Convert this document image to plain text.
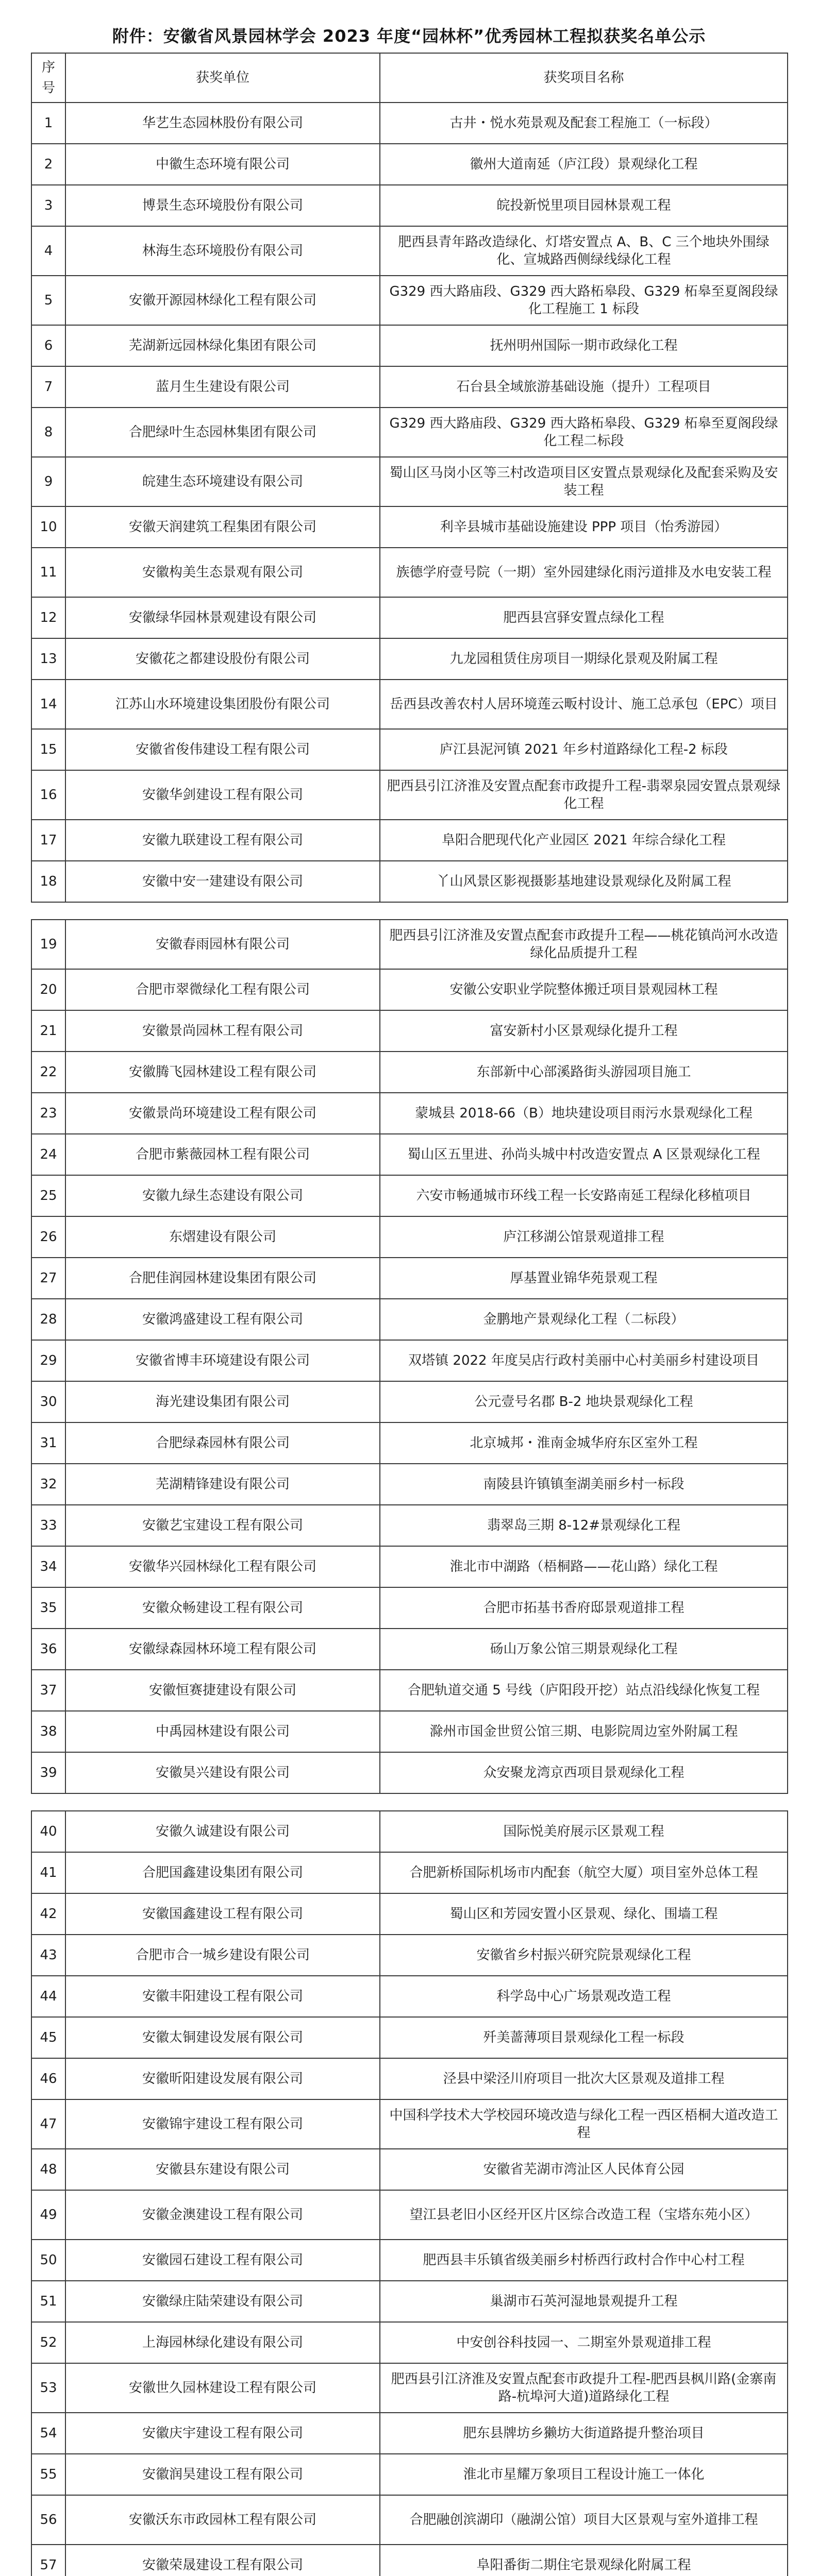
附件：安徽省风景园林学会 2023 年度“园林杯”优秀园林工程拟获奖名单公示
序号	获奖单位	获奖项目名称
1	华艺生态园林股份有限公司	古井・悦水苑景观及配套工程施工（一标段）
2	中徽生态环境有限公司	徽州大道南延（庐江段）景观绿化工程
3	博景生态环境股份有限公司	皖投新悦里项目园林景观工程
4	林海生态环境股份有限公司	肥西县青年路改造绿化、灯塔安置点 A、B、C 三个地块外围绿化、宣城路西侧绿线绿化工程
5	安徽开源园林绿化工程有限公司	G329 西大路庙段、G329 西大路柘皋段、G329 柘皋至夏阁段绿化工程施工 1 标段
6	芜湖新远园林绿化集团有限公司	抚州明州国际一期市政绿化工程
7	蓝月生生建设有限公司	石台县全域旅游基础设施（提升）工程项目
8	合肥绿叶生态园林集团有限公司	G329 西大路庙段、G329 西大路柘皋段、G329 柘皋至夏阁段绿化工程二标段
9	皖建生态环境建设有限公司	蜀山区马岗小区等三村改造项目区安置点景观绿化及配套采购及安装工程
10	安徽天润建筑工程集团有限公司	利辛县城市基础设施建设 PPP 项目（怡秀游园）
11	安徽构美生态景观有限公司	族德学府壹号院（一期）室外园建绿化雨污道排及水电安装工程
12	安徽绿华园林景观建设有限公司	肥西县宫驿安置点绿化工程
13	安徽花之都建设股份有限公司	九龙园租赁住房项目一期绿化景观及附属工程
14	江苏山水环境建设集团股份有限公司	岳西县改善农村人居环境莲云畈村设计、施工总承包（EPC）项目
15	安徽省俊伟建设工程有限公司	庐江县泥河镇 2021 年乡村道路绿化工程-2 标段
16	安徽华剑建设工程有限公司	肥西县引江济淮及安置点配套市政提升工程-翡翠泉园安置点景观绿化工程
17	安徽九联建设工程有限公司	阜阳合肥现代化产业园区 2021 年综合绿化工程
18	安徽中安一建建设有限公司	丫山风景区影视摄影基地建设景观绿化及附属工程

19	安徽春雨园林有限公司	肥西县引江济淮及安置点配套市政提升工程——桃花镇尚河水改造绿化品质提升工程
20	合肥市翠微绿化工程有限公司	安徽公安职业学院整体搬迁项目景观园林工程
21	安徽景尚园林工程有限公司	富安新村小区景观绿化提升工程
22	安徽腾飞园林建设工程有限公司	东部新中心部溪路街头游园项目施工
23	安徽景尚环境建设工程有限公司	蒙城县 2018-66（B）地块建设项目雨污水景观绿化工程
24	合肥市紫薇园林工程有限公司	蜀山区五里进、孙尚头城中村改造安置点 A 区景观绿化工程
25	安徽九绿生态建设有限公司	六安市畅通城市环线工程一长安路南延工程绿化移植项目
26	东熠建设有限公司	庐江移湖公馆景观道排工程
27	合肥佳润园林建设集团有限公司	厚基置业锦华苑景观工程
28	安徽鸿盛建设工程有限公司	金鹏地产景观绿化工程（二标段）
29	安徽省博丰环境建设有限公司	双塔镇 2022 年度吴店行政村美丽中心村美丽乡村建设项目
30	海光建设集团有限公司	公元壹号名郡 B-2 地块景观绿化工程
31	合肥绿森园林有限公司	北京城邦・淮南金城华府东区室外工程
32	芜湖精锋建设有限公司	南陵县许镇镇奎湖美丽乡村一标段
33	安徽艺宝建设工程有限公司	翡翠岛三期 8-12#景观绿化工程
34	安徽华兴园林绿化工程有限公司	淮北市中湖路（梧桐路——花山路）绿化工程
35	安徽众畅建设工程有限公司	合肥市拓基书香府邸景观道排工程
36	安徽绿森园林环境工程有限公司	砀山万象公馆三期景观绿化工程
37	安徽恒赛捷建设有限公司	合肥轨道交通 5 号线（庐阳段开挖）站点沿线绿化恢复工程
38	中禹园林建设有限公司	滁州市国金世贸公馆三期、电影院周边室外附属工程
39	安徽昊兴建设有限公司	众安聚龙湾京西项目景观绿化工程

40	安徽久诚建设有限公司	国际悦美府展示区景观工程
41	合肥国鑫建设集团有限公司	合肥新桥国际机场市内配套（航空大厦）项目室外总体工程
42	安徽国鑫建设工程有限公司	蜀山区和芳园安置小区景观、绿化、围墙工程
43	合肥市合一城乡建设有限公司	安徽省乡村振兴研究院景观绿化工程
44	安徽丰阳建设工程有限公司	科学岛中心广场景观改造工程
45	安徽太铜建设发展有限公司	歼美蔷薄项目景观绿化工程一标段
46	安徽昕阳建设发展有限公司	泾县中梁泾川府项目一批次大区景观及道排工程
47	安徽锦宇建设工程有限公司	中国科学技术大学校园环境改造与绿化工程一西区梧桐大道改造工程
48	安徽县东建设有限公司	安徽省芜湖市湾沚区人民体育公园
49	安徽金澳建设工程有限公司	望江县老旧小区经开区片区综合改造工程（宝塔东苑小区）
50	安徽园石建设工程有限公司	肥西县丰乐镇省级美丽乡村桥西行政村合作中心村工程
51	安徽绿庄陆荣建设有限公司	巢湖市石英河湿地景观提升工程
52	上海园林绿化建设有限公司	中安创谷科技园一、二期室外景观道排工程
53	安徽世久园林建设工程有限公司	肥西县引江济淮及安置点配套市政提升工程-肥西县枫川路(金寨南路-杭埠河大道)道路绿化工程
54	安徽庆宇建设工程有限公司	肥东县牌坊乡獭坊大街道路提升整治项目
55	安徽润昊建设工程有限公司	淮北市星耀万象项目工程设计施工一体化
56	安徽沃东市政园林工程有限公司	合肥融创滨湖印（融湖公馆）项目大区景观与室外道排工程
57	安徽荣晟建设工程有限公司	阜阳番街二期住宅景观绿化附属工程
